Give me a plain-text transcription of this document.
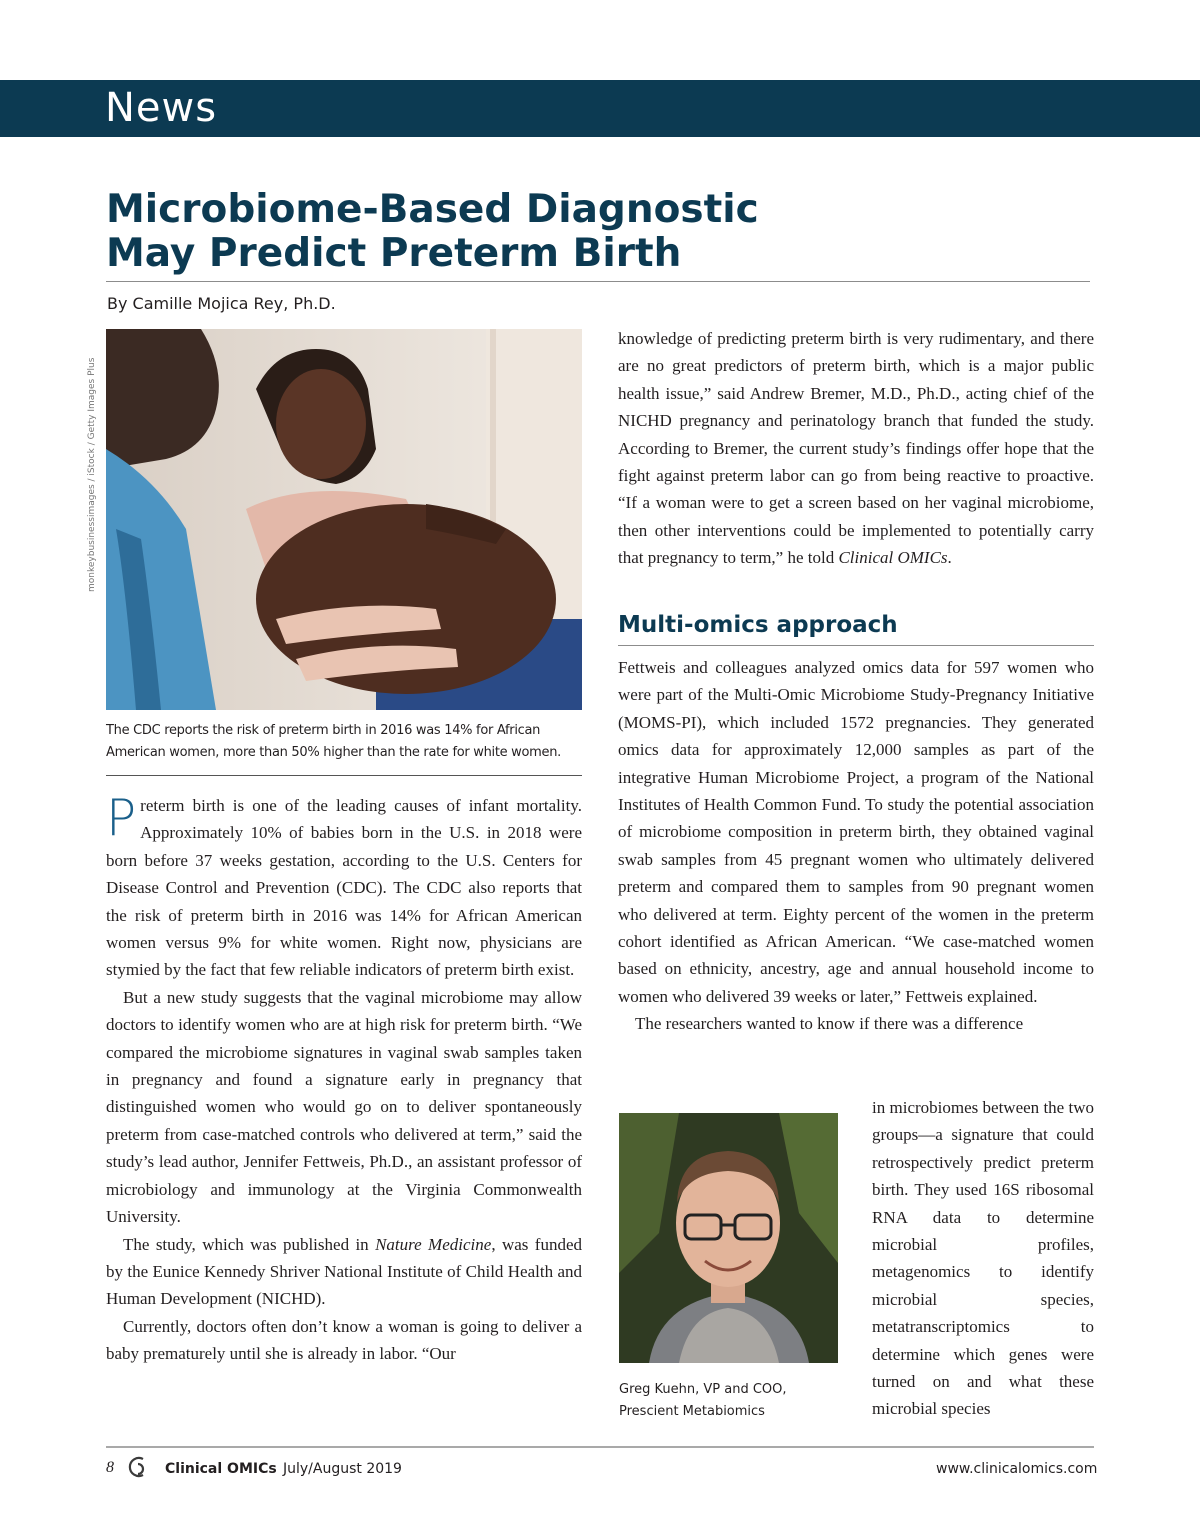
News
Microbiome-Based Diagnostic
May Predict Preterm Birth
By Camille Mojica Rey, Ph.D.
monkeybusinessimages / iStock / Getty Images Plus
The CDC reports the risk of preterm birth in 2016 was 14% for African American women, more than 50% higher than the rate for white women.

Preterm birth is one of the leading causes of infant mortality. Approximately 10% of babies born in the U.S. in 2018 were born before 37 weeks gestation, according to the U.S. Centers for Disease Control and Prevention (CDC). The CDC also reports that the risk of preterm birth in 2016 was 14% for African American women versus 9% for white women. Right now, physicians are stymied by the fact that few reliable indicators of preterm birth exist.

But a new study suggests that the vaginal microbiome may allow doctors to identify women who are at high risk for preterm birth. “We compared the microbiome signatures in vaginal swab samples taken in pregnancy and found a signature early in pregnancy that distinguished women who would go on to deliver spontaneously preterm from case-matched controls who delivered at term,” said the study’s lead author, Jennifer Fettweis, Ph.D., an assistant professor of microbiology and immunology at the Virginia Commonwealth University.

The study, which was published in Nature Medicine, was funded by the Eunice Kennedy Shriver National Institute of Child Health and Human Development (NICHD).

Currently, doctors often don’t know a woman is going to deliver a baby prematurely until she is already in labor. “Our

knowledge of predicting preterm birth is very rudimentary, and there are no great predictors of preterm birth, which is a major public health issue,” said Andrew Bremer, M.D., Ph.D., acting chief of the NICHD pregnancy and perinatology branch that funded the study. According to Bremer, the current study’s findings offer hope that the fight against preterm labor can go from being reactive to proactive. “If a woman were to get a screen based on her vaginal microbiome, then other interventions could be implemented to potentially carry that pregnancy to term,” he told Clinical OMICs.

Multi-omics approach

Fettweis and colleagues analyzed omics data for 597 women who were part of the Multi-Omic Microbiome Study-Pregnancy Initiative (MOMS-PI), which included 1572 pregnancies. They generated omics data for approximately 12,000 samples as part of the integrative Human Microbiome Project, a program of the National Institutes of Health Common Fund. To study the potential association of microbiome composition in preterm birth, they obtained vaginal swab samples from 45 pregnant women who ultimately delivered preterm and compared them to samples from 90 pregnant women who delivered at term. Eighty percent of the women in the preterm cohort identified as African American. “We case-matched women based on ethnicity, ancestry, age and annual household income to women who delivered 39 weeks or later,” Fettweis explained.

The researchers wanted to know if there was a difference

Greg Kuehn, VP and COO,
Prescient Metabiomics

in microbiomes between the two groups—a signature that could retrospectively predict preterm birth. They used 16S ribosomal RNA data to determine microbial profiles, metagenomics to identify microbial species, metatranscriptomics to determine which genes were turned on and what these microbial species

8	Clinical OMICs July/August 2019	www.clinicalomics.com
